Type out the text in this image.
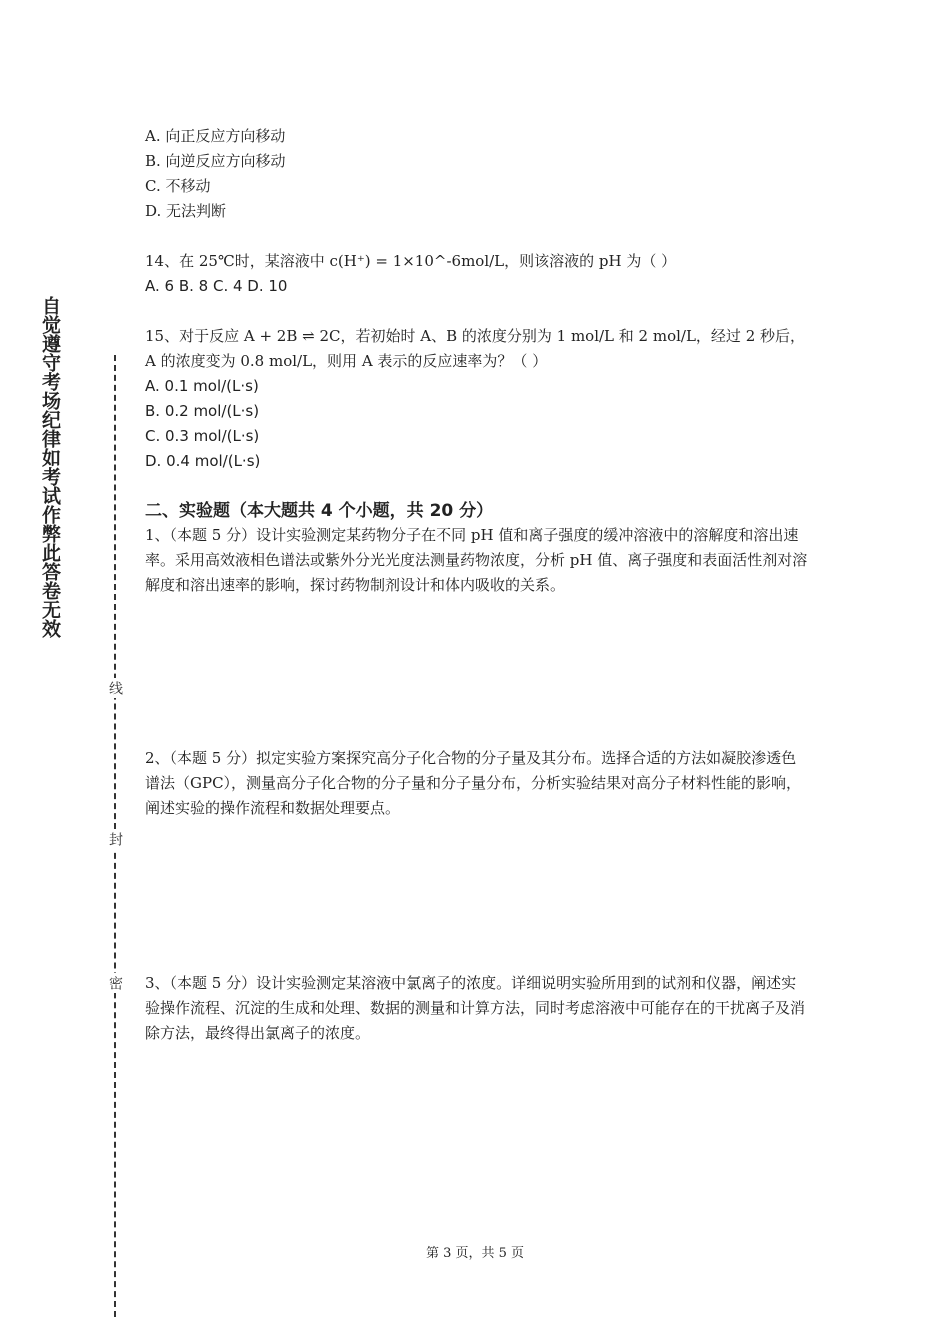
自觉遵守考场纪律如考试作弊此答卷无效
线
封
密
A. 向正反应方向移动
B. 向逆反应方向移动
C. 不移动
D. 无法判断
14、在 25℃时，某溶液中 c(H⁺) = 1×10^-6mol/L，则该溶液的 pH 为（ ）
A. 6 B. 8 C. 4 D. 10
15、对于反应 A + 2B ⇌ 2C，若初始时 A、B 的浓度分别为 1 mol/L 和 2 mol/L，经过 2 秒后，A 的浓度变为 0.8 mol/L，则用 A 表示的反应速率为？（ ）
A. 0.1 mol/(L·s)
B. 0.2 mol/(L·s)
C. 0.3 mol/(L·s)
D. 0.4 mol/(L·s)
二、实验题（本大题共 4 个小题，共 20 分）
1、（本题 5 分）设计实验测定某药物分子在不同 pH 值和离子强度的缓冲溶液中的溶解度和溶出速率。采用高效液相色谱法或紫外分光光度法测量药物浓度，分析 pH 值、离子强度和表面活性剂对溶解度和溶出速率的影响，探讨药物制剂设计和体内吸收的关系。
2、（本题 5 分）拟定实验方案探究高分子化合物的分子量及其分布。选择合适的方法如凝胶渗透色谱法（GPC），测量高分子化合物的分子量和分子量分布，分析实验结果对高分子材料性能的影响，阐述实验的操作流程和数据处理要点。
3、（本题 5 分）设计实验测定某溶液中氯离子的浓度。详细说明实验所用到的试剂和仪器，阐述实验操作流程、沉淀的生成和处理、数据的测量和计算方法，同时考虑溶液中可能存在的干扰离子及消除方法，最终得出氯离子的浓度。
第 3 页，共 5 页
